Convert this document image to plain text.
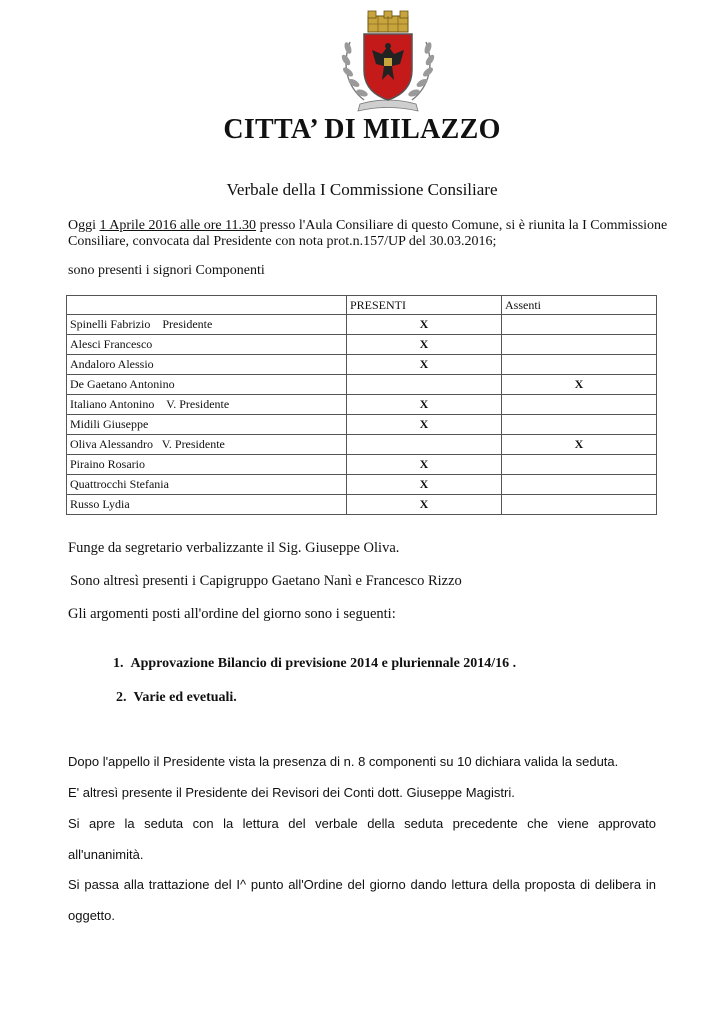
CITTA’ DI MILAZZO
Verbale della I Commissione Consiliare
Oggi 1 Aprile 2016 alle ore 11.30 presso l'Aula Consiliare di questo Comune, si è riunita la I Commissione Consiliare, convocata dal Presidente con nota prot.n.157/UP del 30.03.2016;
sono presenti i signori Componenti
	PRESENTI	Assenti
Spinelli Fabrizio    Presidente	X	
Alesci Francesco	X	
Andaloro Alessio	X	
De Gaetano Antonino		X
Italiano Antonino    V. Presidente	X	
Midili Giuseppe	X	
Oliva Alessandro   V. Presidente		X
Piraino Rosario	X	
Quattrocchi Stefania	X	
Russo Lydia	X	
Funge da segretario verbalizzante il Sig. Giuseppe Oliva.
Sono altresì presenti i Capigruppo Gaetano Nanì e Francesco Rizzo
Gli argomenti posti all'ordine del giorno sono i seguenti:
1. Approvazione Bilancio di previsione 2014 e pluriennale 2014/16 .
2. Varie ed evetuali.
Dopo l'appello il Presidente vista la presenza di n. 8 componenti su 10 dichiara valida la seduta.
E' altresì presente il Presidente dei Revisori dei Conti dott. Giuseppe Magistri.
Si apre la seduta con la lettura del verbale della seduta precedente che viene approvato
all'unanimità.
Si passa alla trattazione del I^ punto all'Ordine del giorno dando lettura della proposta di delibera in
oggetto.
